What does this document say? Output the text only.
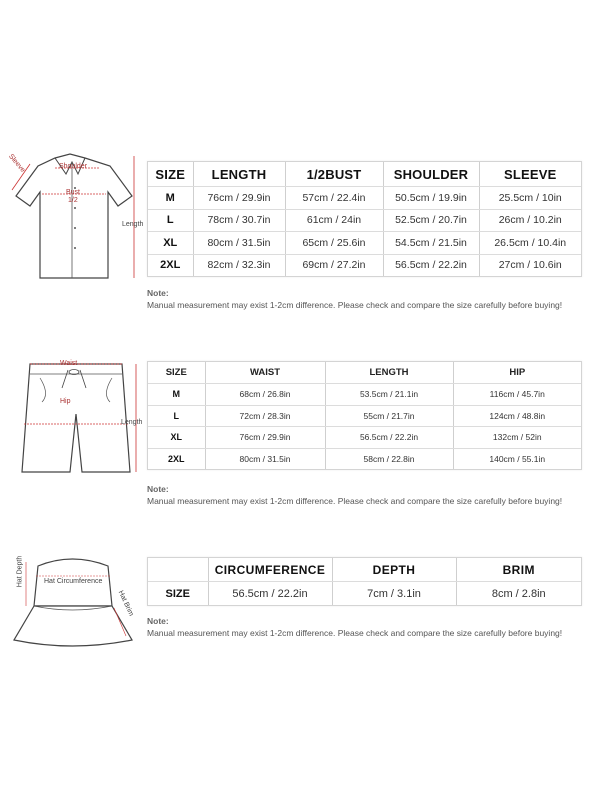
Sleeve	Shoulder
Bust
1/2
Length
SIZE	LENGTH	1/2BUST	SHOULDER	SLEEVE
M	76cm / 29.9in	57cm / 22.4in	50.5cm / 19.9in	25.5cm / 10in
L	78cm / 30.7in	61cm / 24in	52.5cm / 20.7in	26cm / 10.2in
XL	80cm / 31.5in	65cm / 25.6in	54.5cm / 21.5in	26.5cm / 10.4in
2XL	82cm / 32.3in	69cm / 27.2in	56.5cm / 22.2in	27cm / 10.6in
Note:
Manual measurement may exist 1-2cm difference. Please check and compare the size carefully before buying!
Waist
Hip
Length
SIZE	WAIST	LENGTH	HIP
M	68cm / 26.8in	53.5cm / 21.1in	116cm / 45.7in
L	72cm / 28.3in	55cm / 21.7in	124cm / 48.8in
XL	76cm / 29.9in	56.5cm / 22.2in	132cm / 52in
2XL	80cm / 31.5in	58cm / 22.8in	140cm / 55.1in
Note:
Manual measurement may exist 1-2cm difference. Please check and compare the size carefully before buying!
Hat Depth	Hat Circumference
Hat Brim
	CIRCUMFERENCE	DEPTH	BRIM
SIZE	56.5cm / 22.2in	7cm / 3.1in	8cm / 2.8in
Note:
Manual measurement may exist 1-2cm difference. Please check and compare the size carefully before buying!
